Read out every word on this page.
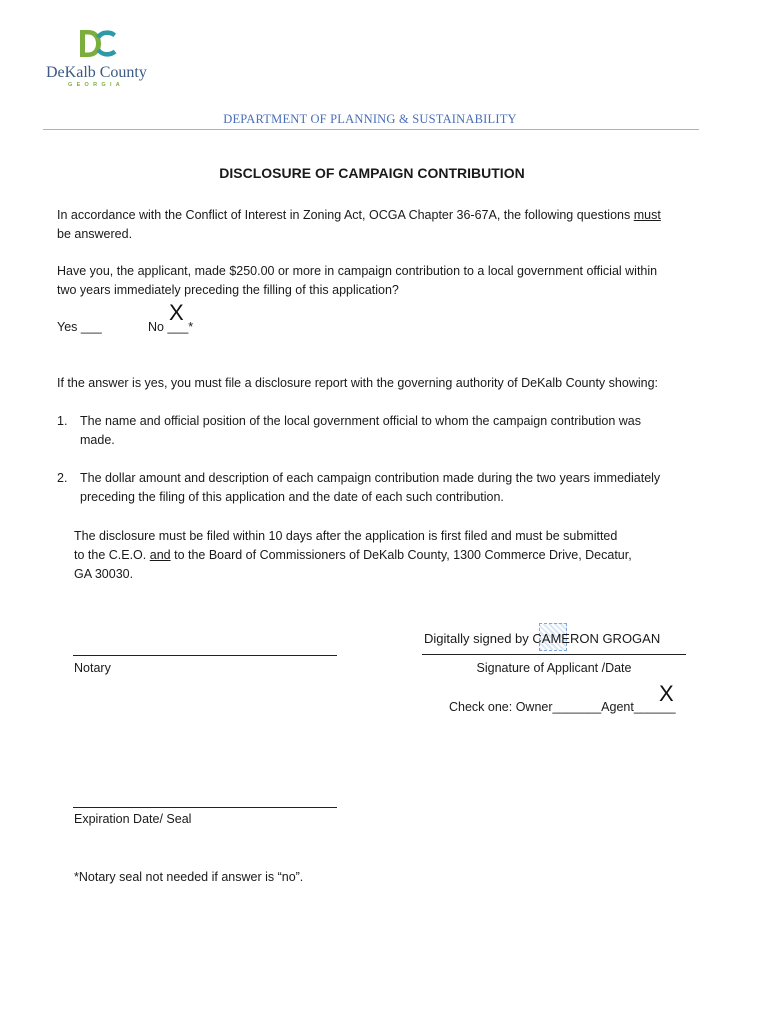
DeKalb County
GEORGIA
DEPARTMENT OF PLANNING & SUSTAINABILITY
DISCLOSURE OF CAMPAIGN CONTRIBUTION
In accordance with the Conflict of Interest in Zoning Act, OCGA Chapter 36-67A, the following questions must
be answered.
Have you, the applicant, made $250.00 or more in campaign contribution to a local government official within
two years immediately preceding the filling of this application?
Yes ___	No ___*
X
If the answer is yes, you must file a disclosure report with the governing authority of DeKalb County showing:
1. The name and official position of the local government official to whom the campaign contribution was
made.
2. The dollar amount and description of each campaign contribution made during the two years immediately
preceding the filing of this application and the date of each such contribution.
The disclosure must be filed within 10 days after the application is first filed and must be submitted
to the C.E.O. and to the Board of Commissioners of DeKalb County, 1300 Commerce Drive, Decatur,
GA 30030.
Digitally signed by CAMERON GROGAN
Signature of Applicant /Date
Check one: Owner_______Agent______
X
Notary
Expiration Date/ Seal
*Notary seal not needed if answer is “no”.
